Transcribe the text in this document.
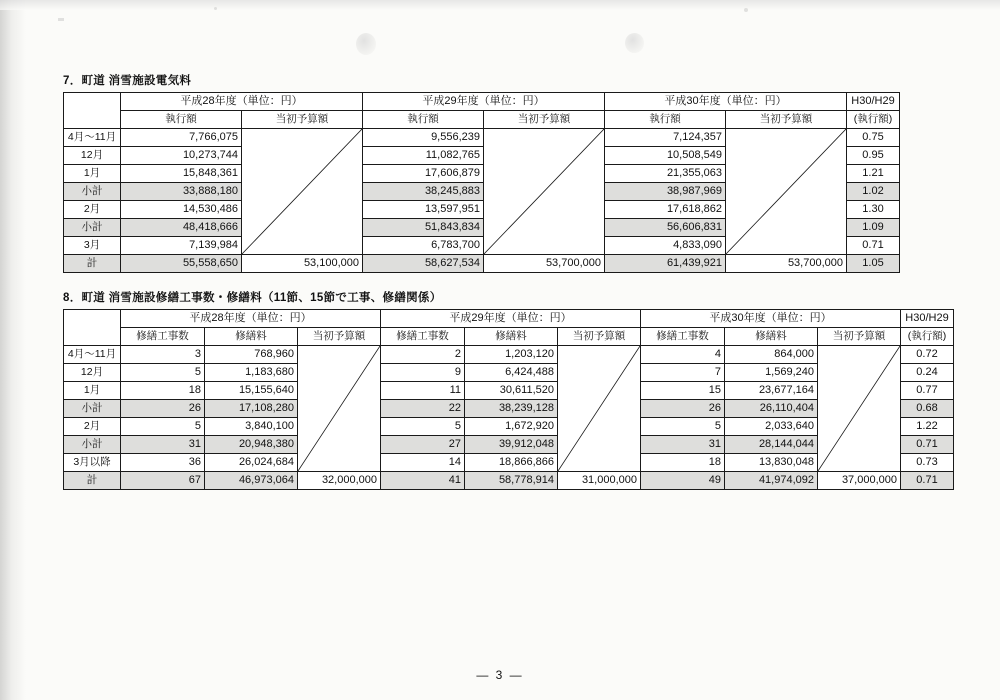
7．町道 消雪施設電気料
	平成28年度（単位：円）		平成29年度（単位：円）		平成30年度（単位：円）		H30/H29
	執行額	当初予算額	執行額	当初予算額	執行額	当初予算額	(執行額)
4月～11月	7,766,075		9,556,239		7,124,357		0.75
12月	10,273,744		11,082,765		10,508,549		0.95
1月	15,848,361		17,606,879		21,355,063		1.21
小計	33,888,180		38,245,883		38,987,969		1.02
2月	14,530,486		13,597,951		17,618,862		1.30
小計	48,418,666		51,843,834		56,606,831		1.09
3月	7,139,984		6,783,700		4,833,090		0.71
計	55,558,650	53,100,000	58,627,534	53,700,000	61,439,921	53,700,000	1.05
8．町道 消雪施設修繕工事数・修繕料（11節、15節で工事、修繕関係）
	平成28年度（単位：円）			平成29年度（単位：円）			平成30年度（単位：円）			H30/H29
	修繕工事数	修繕料	当初予算額	修繕工事数	修繕料	当初予算額	修繕工事数	修繕料	当初予算額	(執行額)
4月～11月	3	768,960		2	1,203,120		4	864,000		0.72
12月	5	1,183,680		9	6,424,488		7	1,569,240		0.24
1月	18	15,155,640		11	30,611,520		15	23,677,164		0.77
小計	26	17,108,280		22	38,239,128		26	26,110,404		0.68
2月	5	3,840,100		5	1,672,920		5	2,033,640		1.22
小計	31	20,948,380		27	39,912,048		31	28,144,044		0.71
3月以降	36	26,024,684		14	18,866,866		18	13,830,048		0.73
計	67	46,973,064	32,000,000	41	58,778,914	31,000,000	49	41,974,092	37,000,000	0.71
— 3 —
